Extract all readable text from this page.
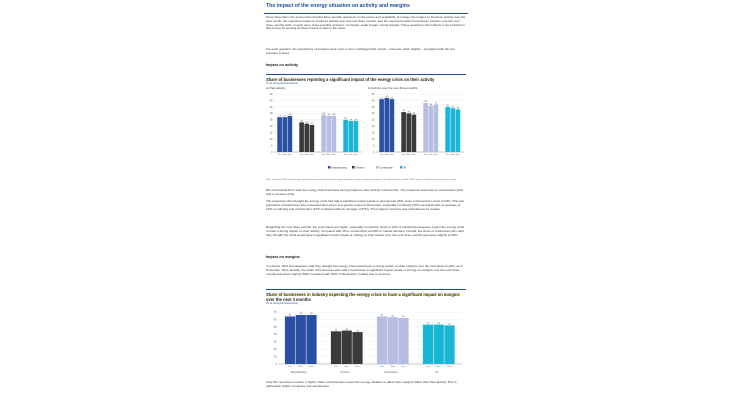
The impact of the energy situation on activity and margins
Since November, the survey has included three specific questions on the prices and availability of energy: the impact on business activity over the past month, the expected impact on business activity over the next three months, and the expected impact on business margins over the next three months (with, in each case, three possible answers: no impact, weak impact, strong impact). These questions will continue to be included in this survey for as long as these issues remain in the news.
For each question, the proportions of answers were more or less unchanged this month – and even down slightly – compared with the two previous surveys.
Impact on activity
Share of businesses reporting a significant impact of the energy crisis on their activity
(% of surveyed businesses)
a) Past activity	b) Activity over the next three months
0
5
10
15
20
25
30
35
40
45
27
Oct
27
Nov
28
Dec
23
Oct
22
Nov
21
Dec
29
Oct
28
Nov
28
Dec
25
Oct
24
Nov
24
Dec
0
5
10
15
20
25
30
35
40
45
41
Oct
42
Nov
41
Dec
31
Oct
30
Nov
29
Dec
38
Oct
36
Nov
37
Dec
35
Oct
34
Nov
33
Dec
Manufacturing	Services	Construction	All
Note: In industry, 28% of businesses said the energy situation had had a significant impact on their activity in December. Over the next three months, 38% expect a significant impact on their activity.
8% of industrial firms said the energy crisis had had a strong impact on their activity in December. The proportion was lower in construction (4%) and in services (3%).
The proportion who thought the energy crisis had had a significant impact (weak or strong) was 23%, close to November's level of 24%. This sub-population of businesses also increased their prices to a greater extent in December, especially in industry (27% compared with an average of 16% in industry) and construction (47% compared with an average of 37%). The impact in services was estimated to be weaker.
Regarding the next three months, the proportions are higher, especially in industry: close to 10% of industrial businesses expect the energy crisis to have a strong impact on their activity, compared with 6% in construction and 8% in market services. Overall, the share of businesses who said they thought the crisis would have a significant impact (weak or strong) on their activity over the next three months was down slightly at 32%.
Impact on margins
In industry, 30% of businesses said they thought the energy crisis would have a strong impact on their margins over the next three months, as in November. More broadly, the share of businesses who said it would have a significant impact (weak or strong) on margins over the next three months was down slightly (52% compared with 60% in November), notably due to services.
Share of businesses in industry expecting the energy crisis to have a significant impact on margins over the next 3 months
(% of surveyed businesses)
0
10
20
30
40
50
60
70
64
Oct
66
Nov
66
Dec
44
Oct
45
Nov
43
Dec
64
Oct
63
Nov
62
Dec
53
Oct
53
Nov
52
Dec
Manufacturing	Services	Construction	All
Over the next three months, a higher share of businesses expect the energy situation to affect their margins rather than their activity. This is particularly visible in industry and construction.
